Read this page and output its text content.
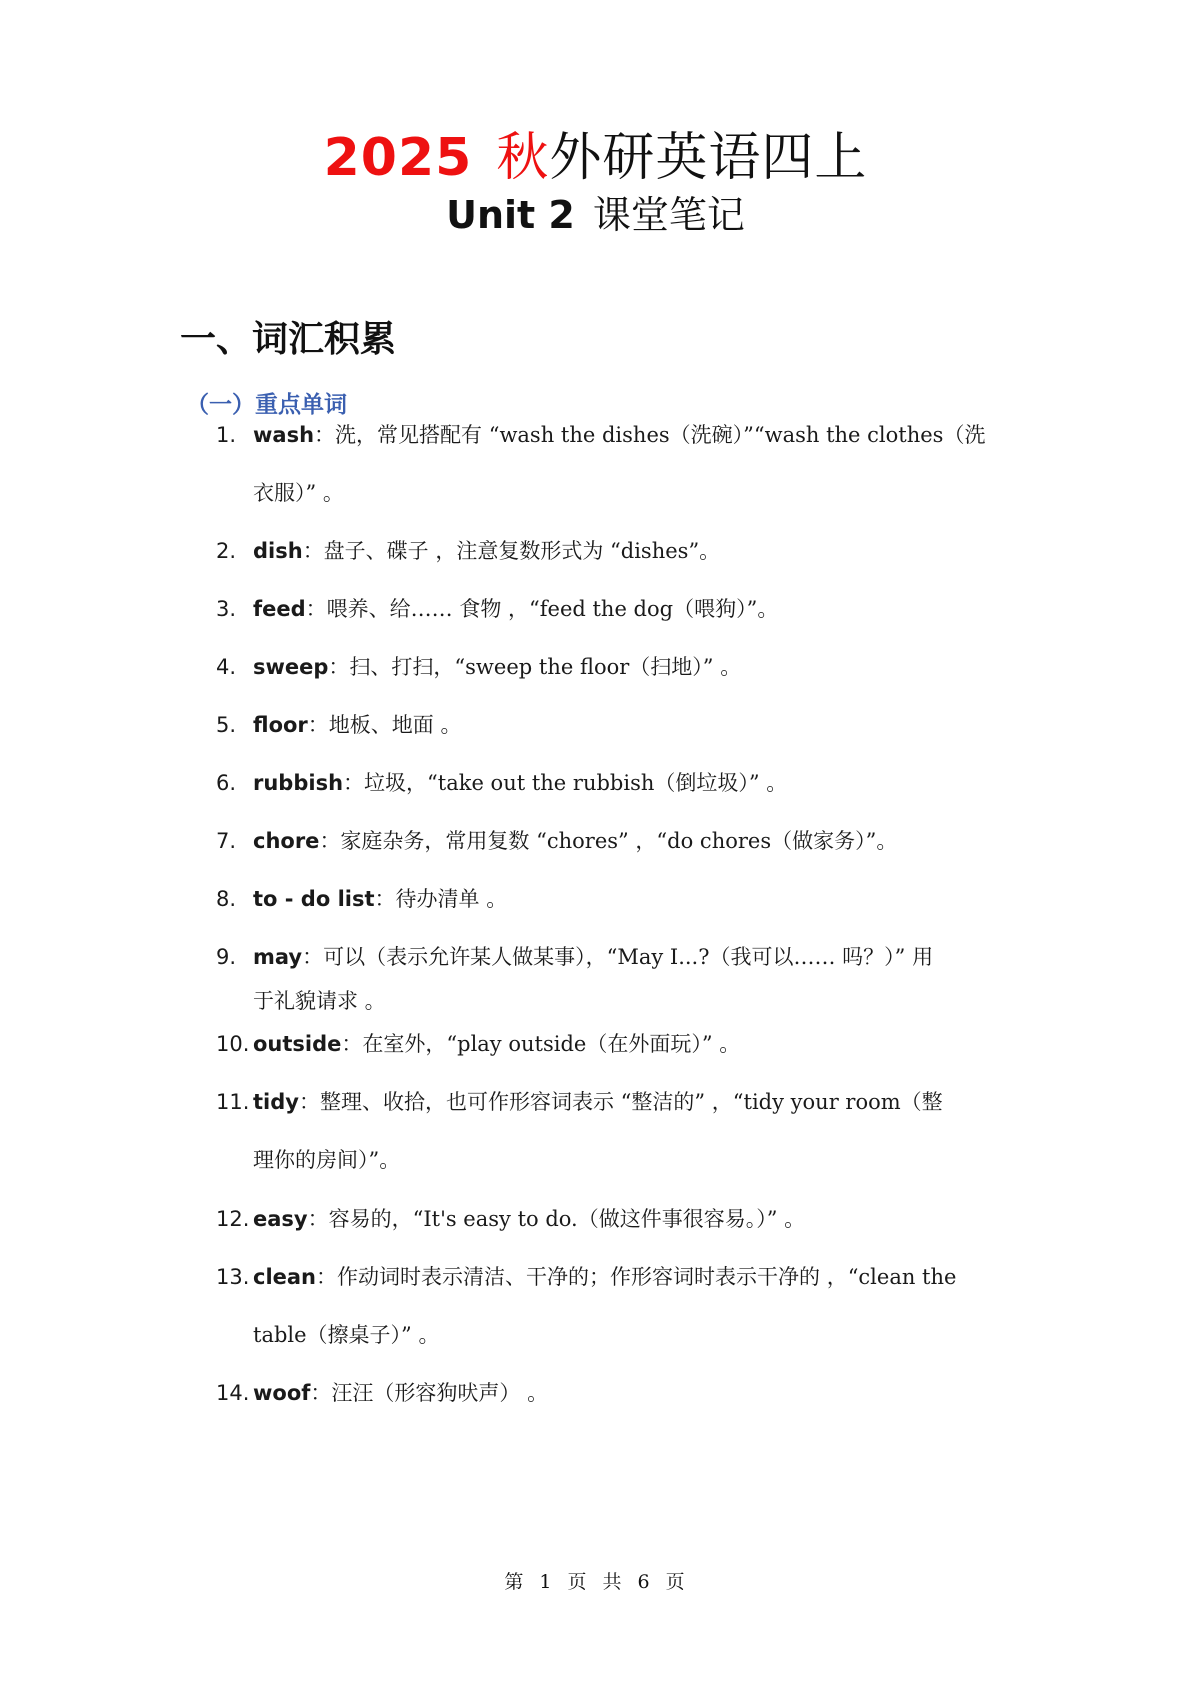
2025 秋外研英语四上
Unit 2 课堂笔记
一、词汇积累
（一）重点单词
1. wash：洗，常见搭配有 “wash the dishes（洗碗）”“wash the clothes（洗
衣服）” 。
2. dish：盘子、碟子 ，注意复数形式为 “dishes”。
3. feed：喂养、给…… 食物 ，“feed the dog（喂狗）”。
4. sweep：扫、打扫，“sweep the floor（扫地）” 。
5. floor：地板、地面 。
6. rubbish：垃圾，“take out the rubbish（倒垃圾）” 。
7. chore：家庭杂务，常用复数 “chores” ，“do chores（做家务）”。
8. to - do list：待办清单 。
9. may：可以（表示允许某人做某事），“May I...?（我可以…… 吗？）” 用
于礼貌请求 。
10. outside：在室外，“play outside（在外面玩）” 。
11. tidy：整理、收拾，也可作形容词表示 “整洁的” ，“tidy your room（整
理你的房间）”。
12. easy：容易的，“It's easy to do.（做这件事很容易。）” 。
13. clean：作动词时表示清洁、干净的；作形容词时表示干净的 ，“clean the
table（擦桌子）” 。
14. woof：汪汪（形容狗吠声） 。
第 1 页 共 6 页
